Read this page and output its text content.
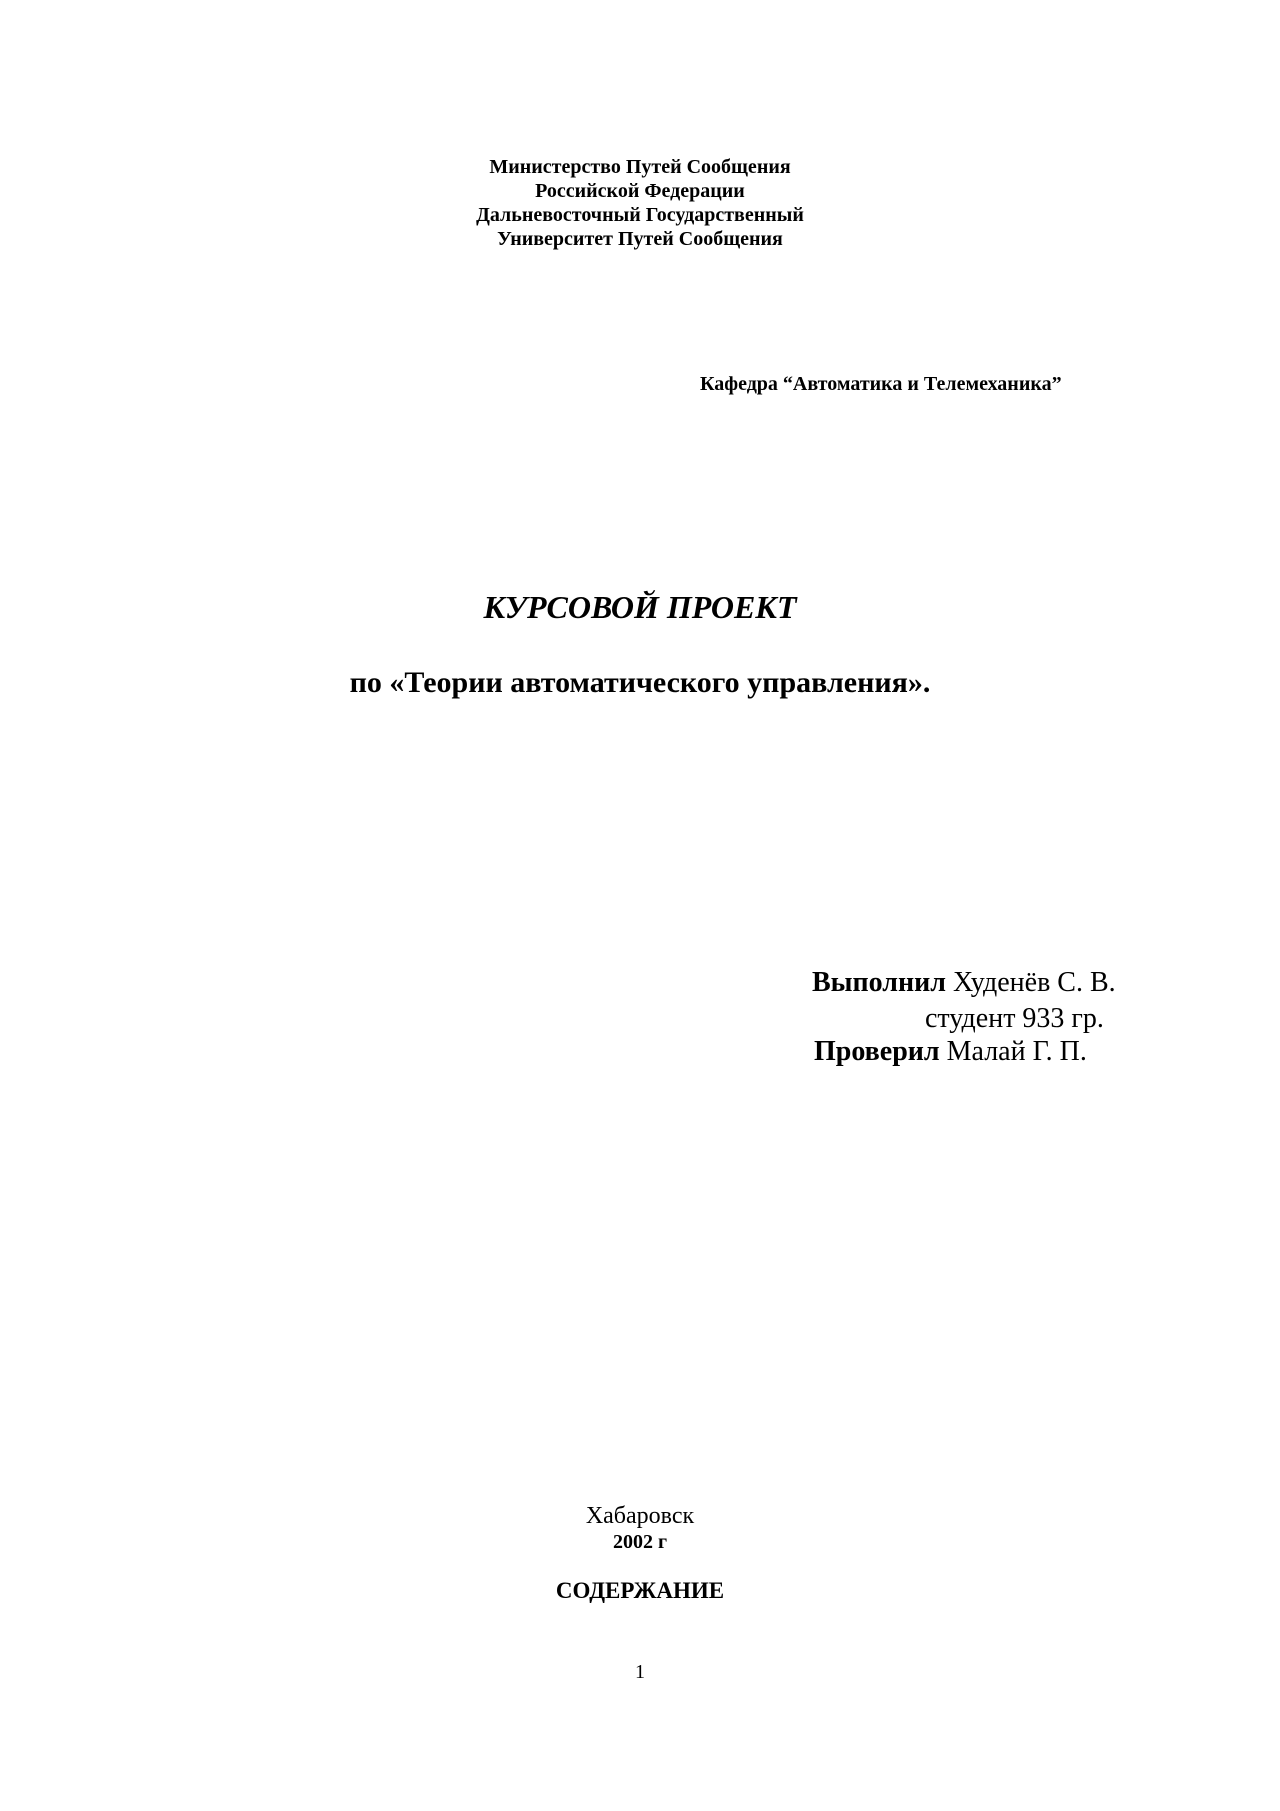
Министерство Путей Сообщения
Российской Федерации
Дальневосточный Государственный
Университет Путей Сообщения
Кафедра “Автоматика и Телемеханика”
КУРСОВОЙ ПРОЕКТ
по «Теории автоматического управления».
Выполнил Худенёв С. В.
студент 933 гр.
Проверил Малай Г. П.
Хабаровск
2002 г
СОДЕРЖАНИЕ
1
